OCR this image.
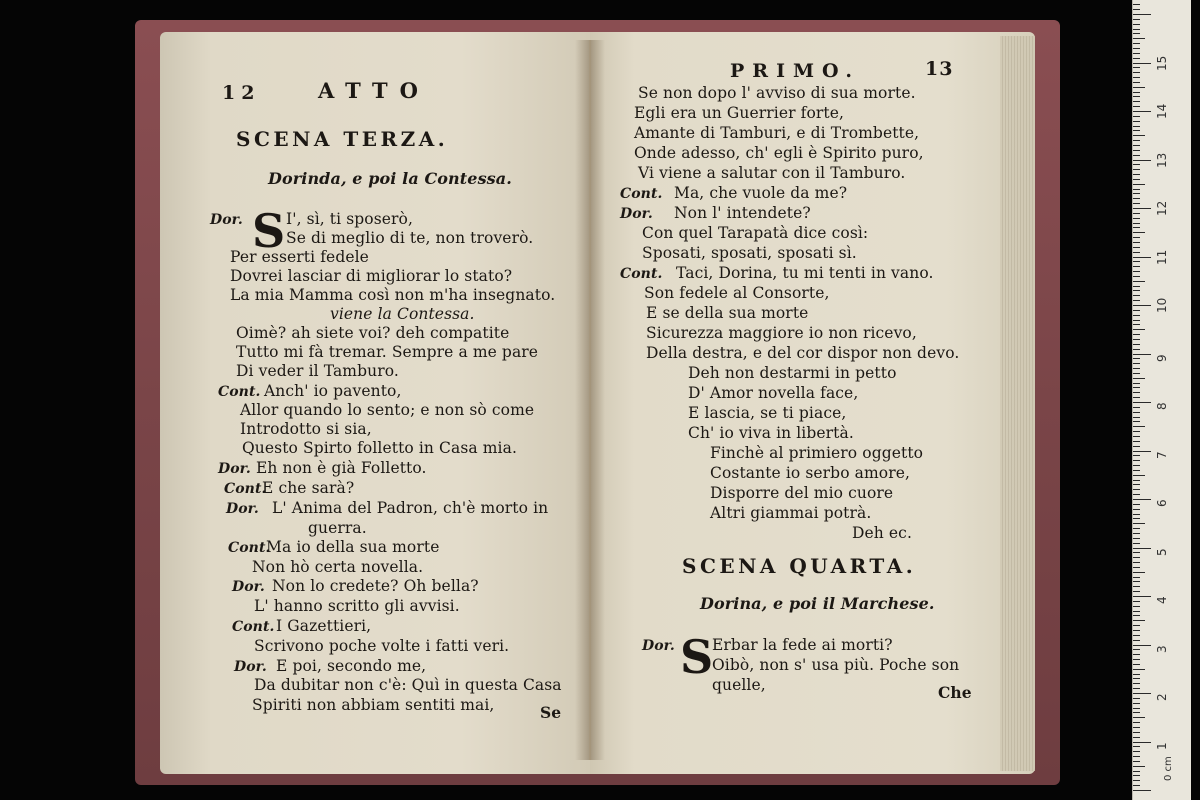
12	ATTO
SCENA TERZA.
Dorinda, e poi la Contessa.
S
Dor.	I', sì, ti sposerò,
Se di meglio di te, non troverò.
Per esserti fedele
Dovrei lasciar di migliorar lo stato?
La mia Mamma così non m'ha insegnato.
viene la Contessa.
Oimè? ah siete voi? deh compatite
Tutto mi fà tremar. Sempre a me pare
Di veder il Tamburo.
Cont. Anch' io pavento,
Allor quando lo sento; e non sò come
Introdotto si sia,
Questo Spirto folletto in Casa mia.
Dor. Eh non è già Folletto.
Cont.
E che sarà?
Dor. L' Anima del Padron, ch'è morto in
guerra.
Cont.
Ma io della sua morte
Non hò certa novella.
Dor. Non lo credete? Oh bella?
L' hanno scritto gli avvisi.
Cont. I Gazettieri,
Scrivono poche volte i fatti veri.
Dor. E poi, secondo me,
Da dubitar non c'è: Quì in questa Casa
Spiriti non abbiam sentiti mai,	Se
PRIMO.	13
Se non dopo l' avviso di sua morte.
Egli era un Guerrier forte,
Amante di Tamburi, e di Trombette,
Onde adesso, ch' egli è Spirito puro,
Vi viene a salutar con il Tamburo.
Cont. Ma, che vuole da me?
Dor. Non l' intendete?
Con quel Tarapatà dice così:
Sposati, sposati, sposati sì.
Cont. Taci, Dorina, tu mi tenti in vano.
Son fedele al Consorte,
E se della sua morte
Sicurezza maggiore io non ricevo,
Della destra, e del cor dispor non devo.
Deh non destarmi in petto
D' Amor novella face,
E lascia, se ti piace,
Ch' io viva in libertà.
Finchè al primiero oggetto
Costante io serbo amore,
Disporre del mio cuore
Altri giammai potrà.
Deh ec.
SCENA QUARTA.
Dorina, e poi il Marchese.
S
Dor. Erbar la fede ai morti?
Oibò, non s' usa più. Poche son
quelle,	Che
0 cm
15
14
13
12
11
10
9
8
7
6
5
4
3
2
1
